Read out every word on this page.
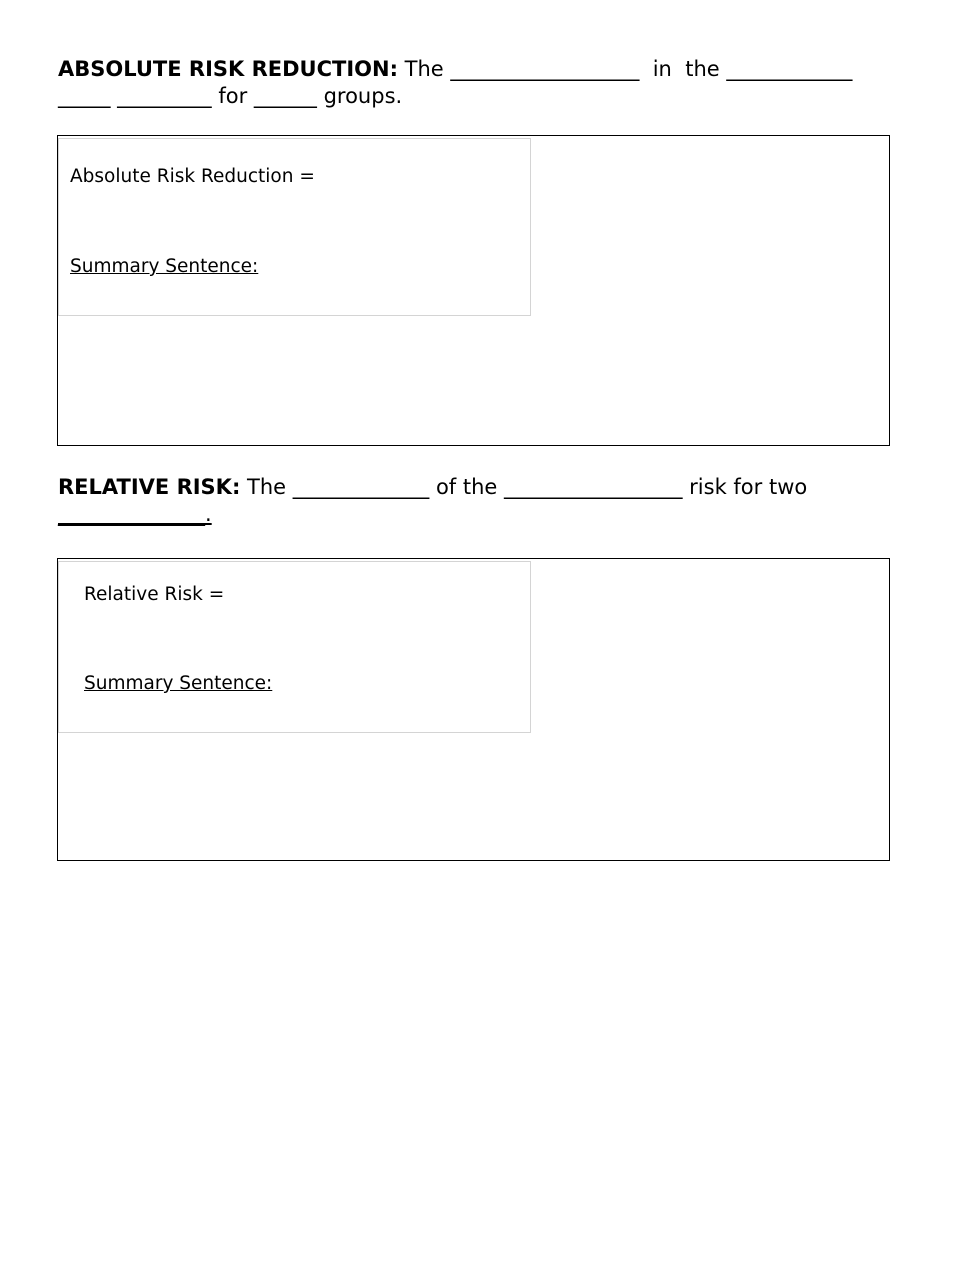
ABSOLUTE RISK REDUCTION: The __________________  in  the ____________
_____ _________ for ______ groups.

Absolute Risk Reduction =
Summary Sentence:

RELATIVE RISK: The _____________ of the _________________ risk for two
______________.

Relative Risk =
Summary Sentence:
